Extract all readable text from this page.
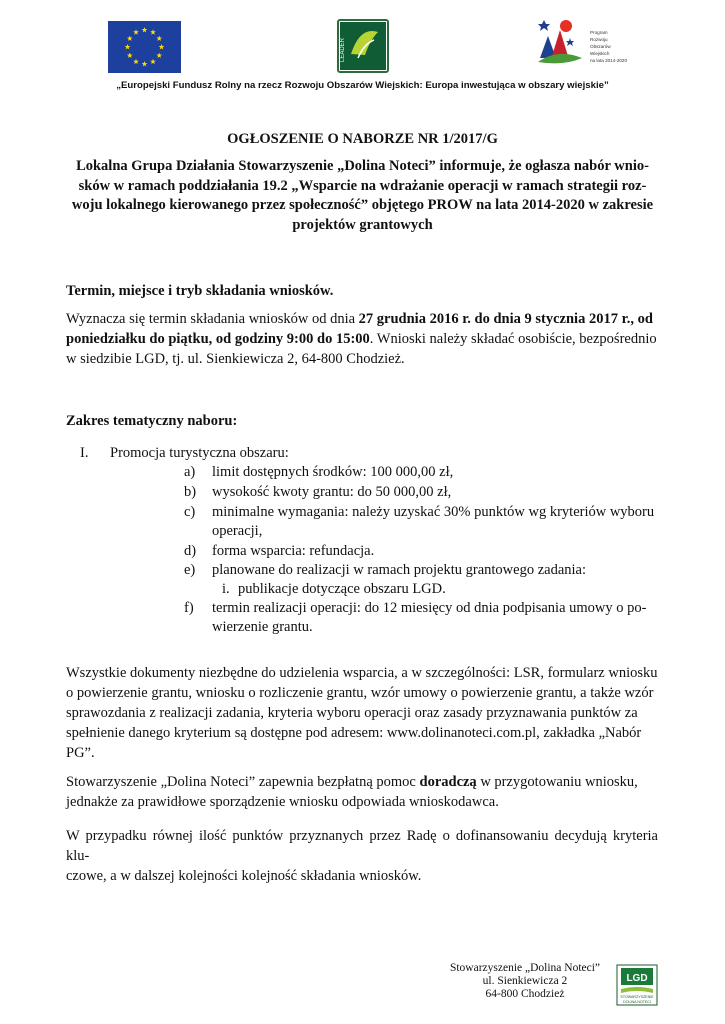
LEADER
Program
Rozwoju
Obszarów
Wiejskich
na lata 2014-2020
„Europejski Fundusz Rolny na rzecz Rozwoju Obszarów Wiejskich: Europa inwestująca w obszary wiejskie”
OGŁOSZENIE O NABORZE NR 1/2017/G
Lokalna Grupa Działania Stowarzyszenie „Dolina Noteci” informuje, że ogłasza nabór wnio-
sków w ramach poddziałania 19.2 „Wsparcie na wdrażanie operacji w ramach strategii roz-
woju lokalnego kierowanego przez społeczność” objętego PROW na lata 2014-2020 w zakresie
projektów grantowych
Termin, miejsce i tryb składania wniosków.
Wyznacza się termin składania wniosków od dnia 27 grudnia 2016 r. do dnia 9 stycznia 2017 r., od
poniedziałku do piątku, od godziny 9:00 do 15:00. Wnioski należy składać osobiście, bezpośrednio
w siedzibie LGD, tj. ul. Sienkiewicza 2, 64-800 Chodzież.
Zakres tematyczny naboru:
I. Promocja turystyczna obszaru:
a) limit dostępnych środków: 100 000,00 zł,
b) wysokość kwoty grantu: do 50 000,00 zł,
c) minimalne wymagania: należy uzyskać 30% punktów wg kryteriów wyboru
operacji,
d) forma wsparcia: refundacja.
e) planowane do realizacji w ramach projektu grantowego zadania:
i. publikacje dotyczące obszaru LGD.
f) termin realizacji operacji: do 12 miesięcy od dnia podpisania umowy o po-
wierzenie grantu.
Wszystkie dokumenty niezbędne do udzielenia wsparcia, a w szczególności: LSR, formularz wniosku
o powierzenie grantu, wniosku o rozliczenie grantu, wzór umowy o powierzenie grantu, a także wzór
sprawozdania z realizacji zadania, kryteria wyboru operacji oraz zasady przyznawania punktów za
spełnienie danego kryterium są dostępne pod adresem: www.dolinanoteci.com.pl, zakładka „Nabór
PG”.
Stowarzyszenie „Dolina Noteci” zapewnia bezpłatną pomoc doradczą w przygotowaniu wniosku,
jednakże za prawidłowe sporządzenie wniosku odpowiada wnioskodawca.
W przypadku równej ilość punktów przyznanych przez Radę o dofinansowaniu decydują kryteria klu-
czowe, a w dalszej kolejności kolejność składania wniosków.
Stowarzyszenie „Dolina Noteci”
ul. Sienkiewicza 2
64-800 Chodzież
LGD
STOWARZYSZENIE
DOLINA NOTECI
